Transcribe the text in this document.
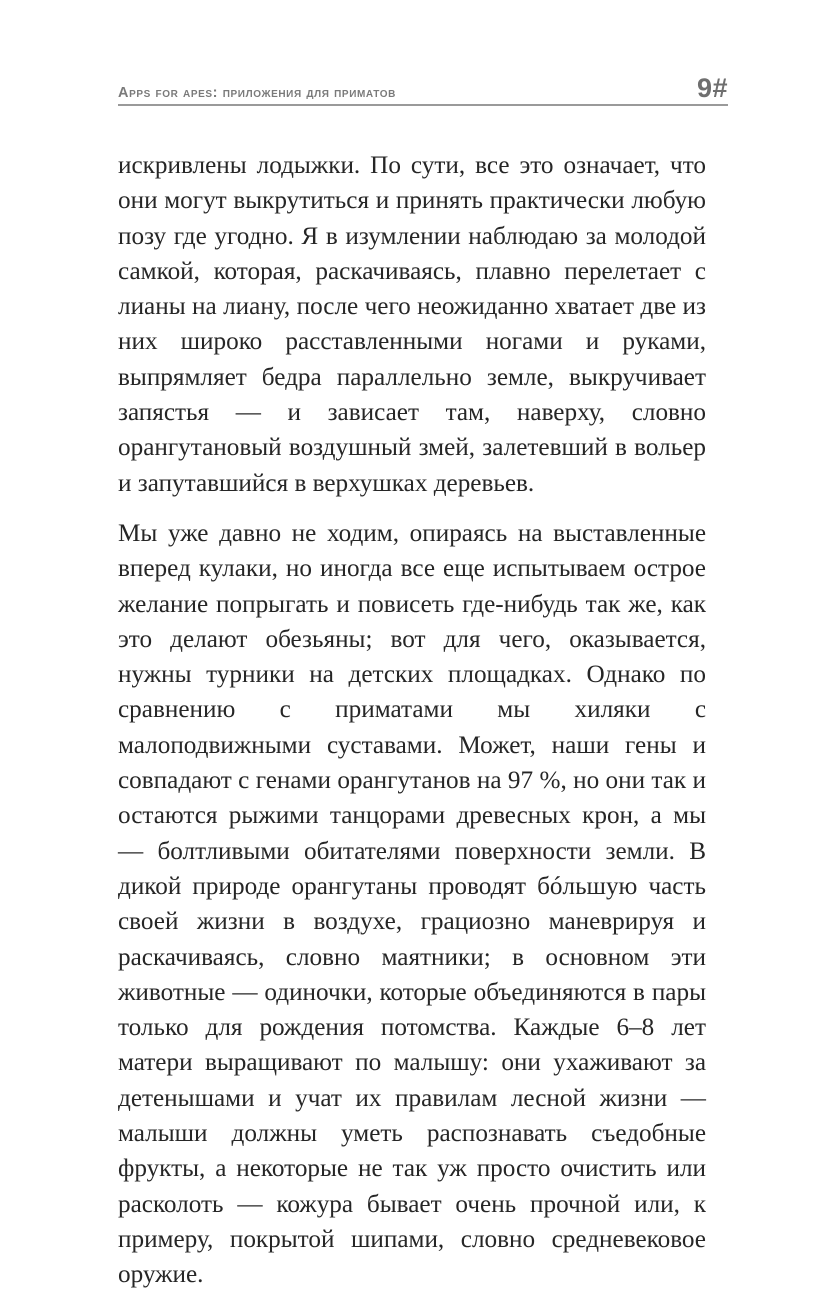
Apps for apes: приложения для приматов	9#

искривлены лодыжки. По сути, все это означает, что они могут выкрутиться и принять практически любую позу где угодно. Я в изумлении наблюдаю за молодой самкой, которая, раскачиваясь, плавно перелетает с лианы на лиану, после чего неожиданно хватает две из них широко расставленными ногами и руками, выпрямляет бедра параллельно земле, выкручивает запястья — и зависает там, наверху, словно орангутановый воздушный змей, залетевший в вольер и запутавшийся в верхушках деревьев.

Мы уже давно не ходим, опираясь на выставленные вперед кулаки, но иногда все еще испытываем острое желание попрыгать и повисеть где-нибудь так же, как это делают обезьяны; вот для чего, оказывается, нужны турники на детских площадках. Однако по сравнению с приматами мы хиляки с малоподвижными суставами. Может, наши гены и совпадают с генами орангутанов на 97 %, но они так и остаются рыжими танцорами древесных крон, а мы — болтливыми обитателями поверхности земли. В дикой природе орангутаны проводят бóльшую часть своей жизни в воздухе, грациозно маневрируя и раскачиваясь, словно маятники; в основном эти животные — одиночки, которые объединяются в пары только для рождения потомства. Каждые 6–8 лет матери выращивают по малышу: они ухаживают за детенышами и учат их правилам лесной жизни — малыши должны уметь распознавать съедобные фрукты, а некоторые не так уж просто очистить или расколоть — кожура бывает очень прочной или, к примеру, покрытой шипами, словно средневековое оружие.
